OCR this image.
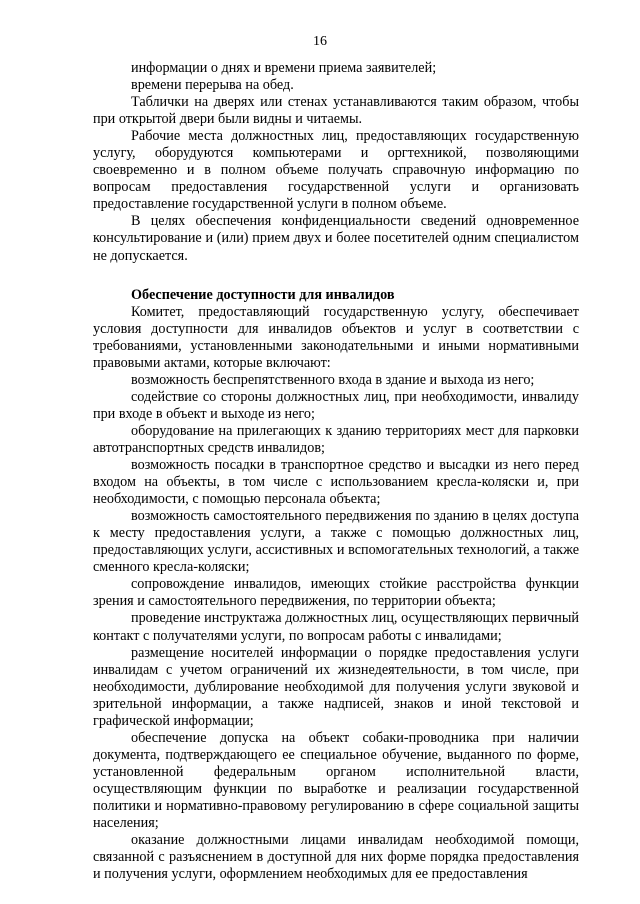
16

информации о днях и времени приема заявителей;

времени перерыва на обед.

Таблички на дверях или стенах устанавливаются таким образом, чтобы при открытой двери были видны и читаемы.

Рабочие места должностных лиц, предоставляющих государственную услугу, оборудуются компьютерами и оргтехникой, позволяющими своевременно и в полном объеме получать справочную информацию по вопросам предоставления государственной услуги и организовать предоставление государственной услуги в полном объеме.

В целях обеспечения конфиденциальности сведений одновременное консультирование и (или) прием двух и более посетителей одним специалистом не допускается.

Обеспечение доступности для инвалидов

Комитет, предоставляющий государственную услугу, обеспечивает условия доступности для инвалидов объектов и услуг в соответствии с требованиями, установленными законодательными и иными нормативными правовыми актами, которые включают:

возможность беспрепятственного входа в здание и выхода из него;

содействие со стороны должностных лиц, при необходимости, инвалиду при входе в объект и выходе из него;

оборудование на прилегающих к зданию территориях мест для парковки автотранспортных средств инвалидов;

возможность посадки в транспортное средство и высадки из него перед входом на объекты, в том числе с использованием кресла-коляски и, при необходимости, с помощью персонала объекта;

возможность самостоятельного передвижения по зданию в целях доступа к месту предоставления услуги, а также с помощью должностных лиц, предоставляющих услуги, ассистивных и вспомогательных технологий, а также сменного кресла-коляски;

сопровождение инвалидов, имеющих стойкие расстройства функции зрения и самостоятельного передвижения, по территории объекта;

проведение инструктажа должностных лиц, осуществляющих первичный контакт с получателями услуги, по вопросам работы с инвалидами;

размещение носителей информации о порядке предоставления услуги инвалидам с учетом ограничений их жизнедеятельности, в том числе, при необходимости, дублирование необходимой для получения услуги звуковой и зрительной информации, а также надписей, знаков и иной текстовой и графической информации;

обеспечение допуска на объект собаки-проводника при наличии документа, подтверждающего ее специальное обучение, выданного по форме, установленной федеральным органом исполнительной власти, осуществляющим функции по выработке и реализации государственной политики и нормативно-правовому регулированию в сфере социальной защиты населения;

оказание должностными лицами инвалидам необходимой помощи, связанной с разъяснением в доступной для них форме порядка предоставления и получения услуги, оформлением необходимых для ее предоставления
